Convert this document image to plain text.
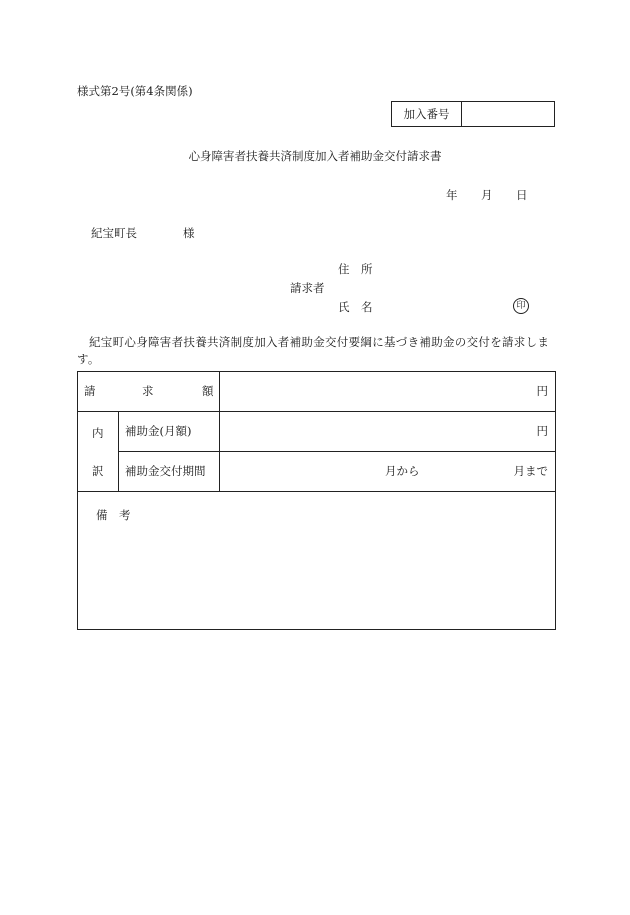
様式第2号(第4条関係)
加入番号
心身障害者扶養共済制度加入者補助金交付請求書
年 月 日
紀宝町長	様
住　所
請求者
氏　名	印
紀宝町心身障害者扶養共済制度加入者補助金交付要綱に基づき補助金の交付を請求します。
請	求	額	円
内
訳
補助金(月額)	円
補助金交付期間	月から	月まで
備　考
